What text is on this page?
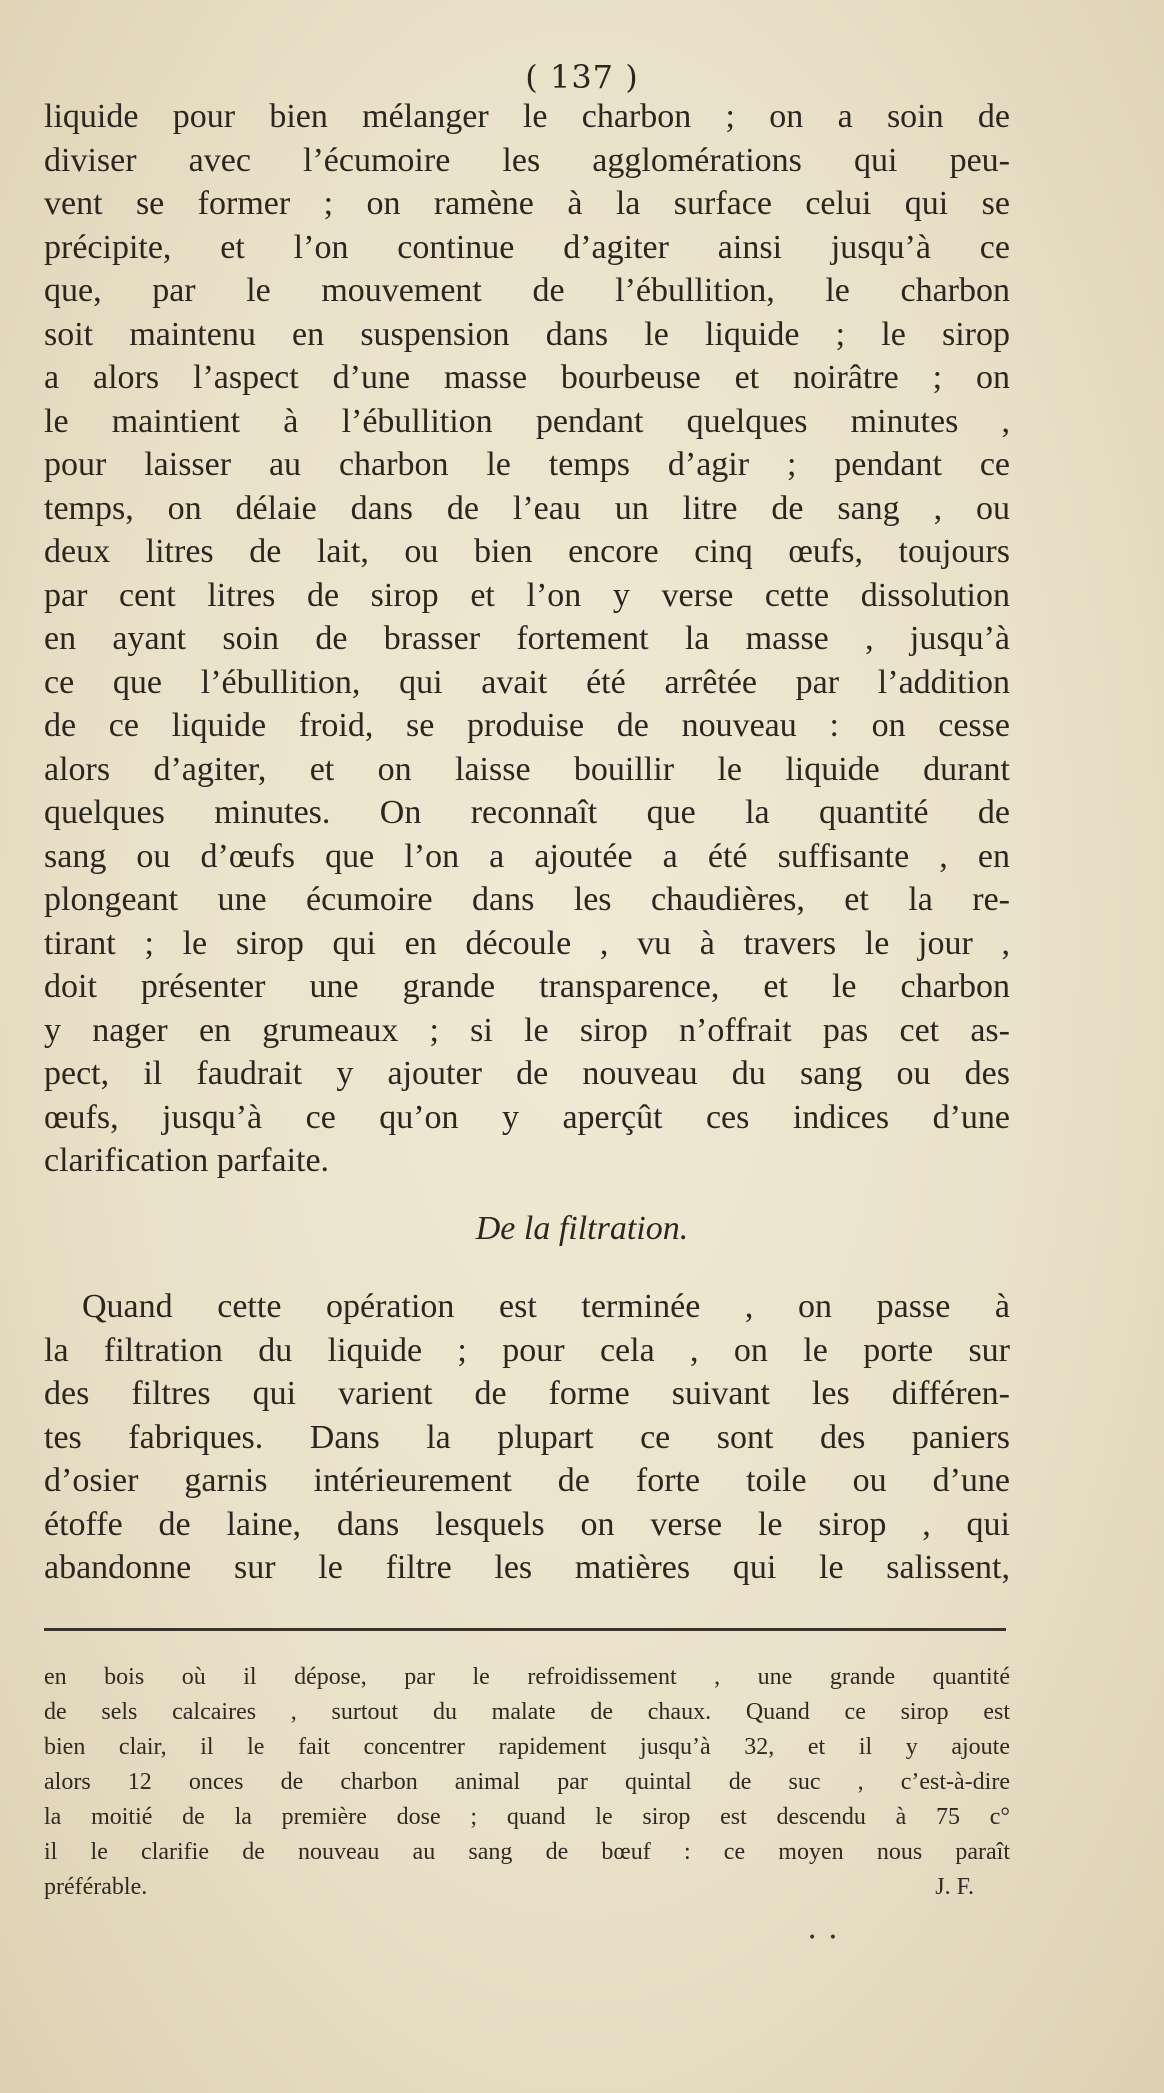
( 137 )
liquide pour bien mélanger le charbon ; on a soin de
diviser avec l’écumoire les agglomérations qui peu-
vent se former ; on ramène à la surface celui qui se
précipite, et l’on continue d’agiter ainsi jusqu’à ce
que, par le mouvement de l’ébullition, le charbon
soit maintenu en suspension dans le liquide ; le sirop
a alors l’aspect d’une masse bourbeuse et noirâtre ; on
le maintient à l’ébullition pendant quelques minutes ,
pour laisser au charbon le temps d’agir ; pendant ce
temps, on délaie dans de l’eau un litre de sang , ou
deux litres de lait, ou bien encore cinq œufs, toujours
par cent litres de sirop et l’on y verse cette dissolution
en ayant soin de brasser fortement la masse , jusqu’à
ce que l’ébullition, qui avait été arrêtée par l’addition
de ce liquide froid, se produise de nouveau : on cesse
alors d’agiter, et on laisse bouillir le liquide durant
quelques minutes. On reconnaît que la quantité de
sang ou d’œufs que l’on a ajoutée a été suffisante , en
plongeant une écumoire dans les chaudières, et la re-
tirant ; le sirop qui en découle , vu à travers le jour ,
doit présenter une grande transparence, et le charbon
y nager en grumeaux ; si le sirop n’offrait pas cet as-
pect, il faudrait y ajouter de nouveau du sang ou des
œufs, jusqu’à ce qu’on y aperçût ces indices d’une
clarification parfaite.
De la filtration.
Quand cette opération est terminée , on passe à
la filtration du liquide ; pour cela , on le porte sur
des filtres qui varient de forme suivant les différen-
tes fabriques. Dans la plupart ce sont des paniers
d’osier garnis intérieurement de forte toile ou d’une
étoffe de laine, dans lesquels on verse le sirop , qui
abandonne sur le filtre les matières qui le salissent,
en bois où il dépose, par le refroidissement , une grande quantité
de sels calcaires , surtout du malate de chaux. Quand ce sirop est
bien clair, il le fait concentrer rapidement jusqu’à 32, et il y ajoute
alors 12 onces de charbon animal par quintal de suc , c’est-à-dire
la moitié de la première dose ; quand le sirop est descendu à 75 c°
il le clarifie de nouveau au sang de bœuf : ce moyen nous paraît
préférable.	J. F.
• •
